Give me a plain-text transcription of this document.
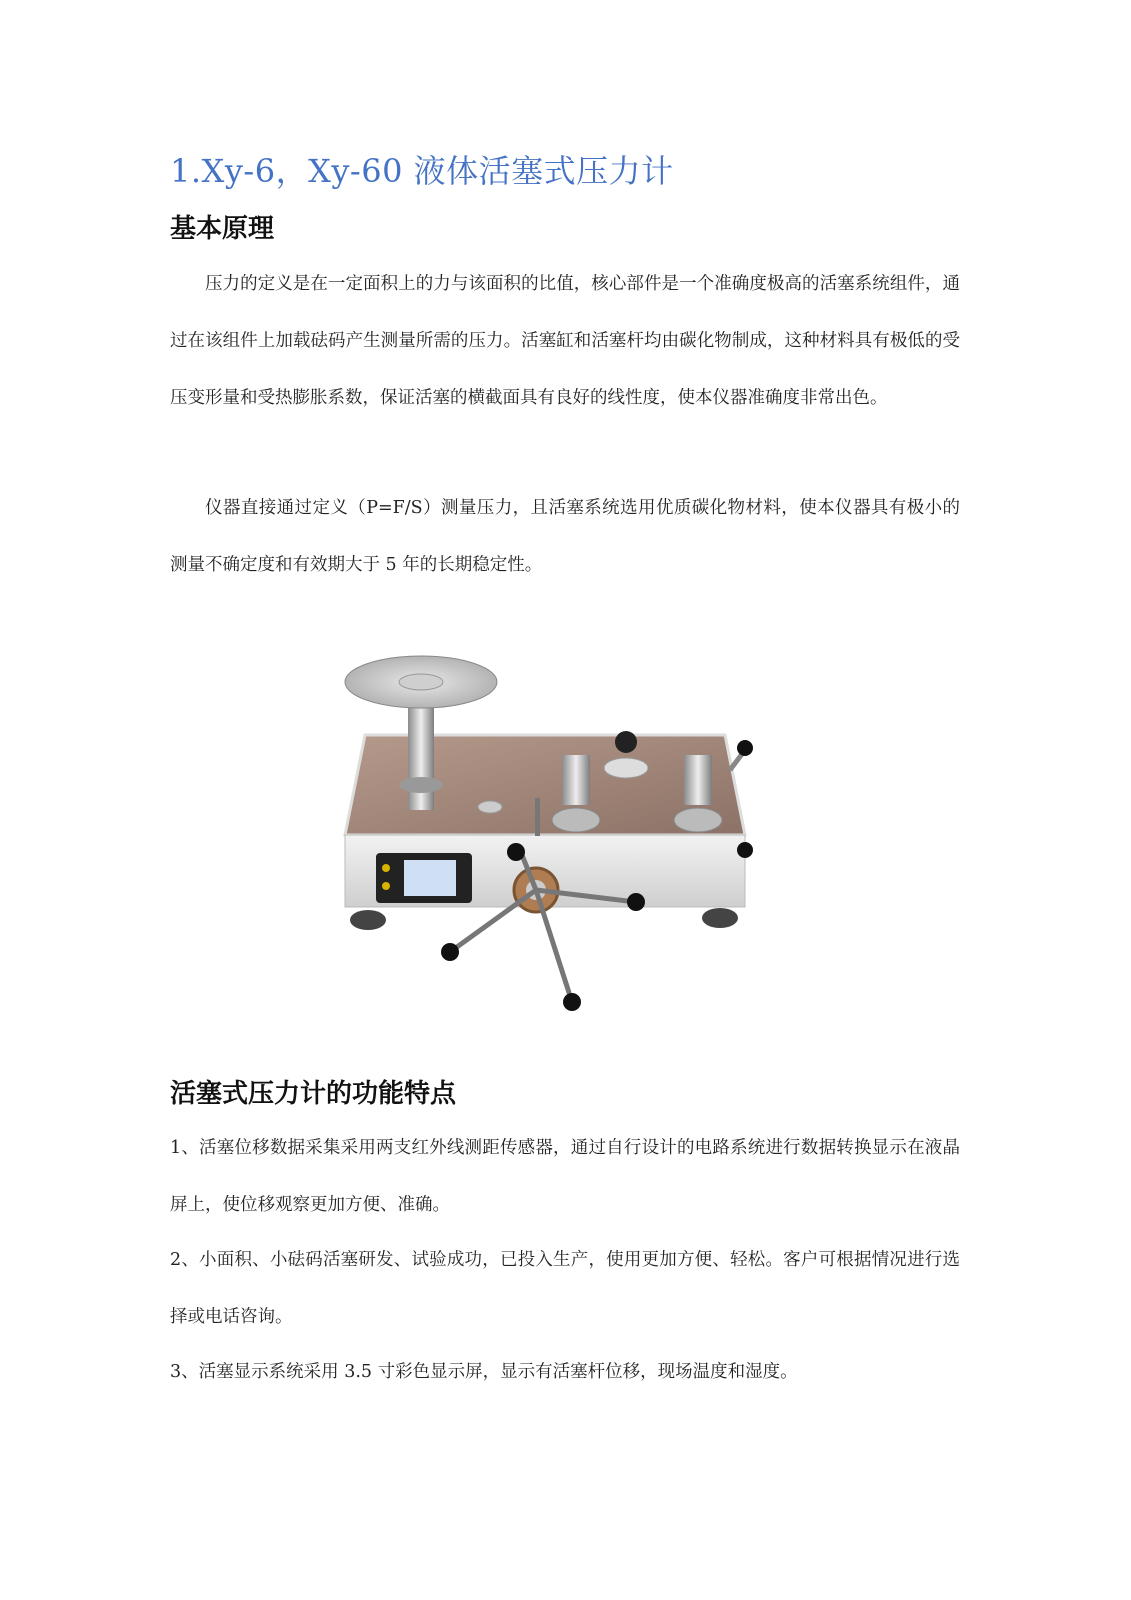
1.Xy-6，Xy-60 液体活塞式压力计
基本原理

压力的定义是在一定面积上的力与该面积的比值，核心部件是一个准确度极高的活塞系统组件，通过在该组件上加载砝码产生测量所需的压力。活塞缸和活塞杆均由碳化物制成，这种材料具有极低的受压变形量和受热膨胀系数，保证活塞的横截面具有良好的线性度，使本仪器准确度非常出色。

仪器直接通过定义（P=F/S）测量压力，且活塞系统选用优质碳化物材料，使本仪器具有极小的测量不确定度和有效期大于 5 年的长期稳定性。

活塞式压力计的功能特点

1、活塞位移数据采集采用两支红外线测距传感器，通过自行设计的电路系统进行数据转换显示在液晶屏上，使位移观察更加方便、准确。

2、小面积、小砝码活塞研发、试验成功，已投入生产，使用更加方便、轻松。客户可根据情况进行选择或电话咨询。

3、活塞显示系统采用 3.5 寸彩色显示屏，显示有活塞杆位移，现场温度和湿度。
